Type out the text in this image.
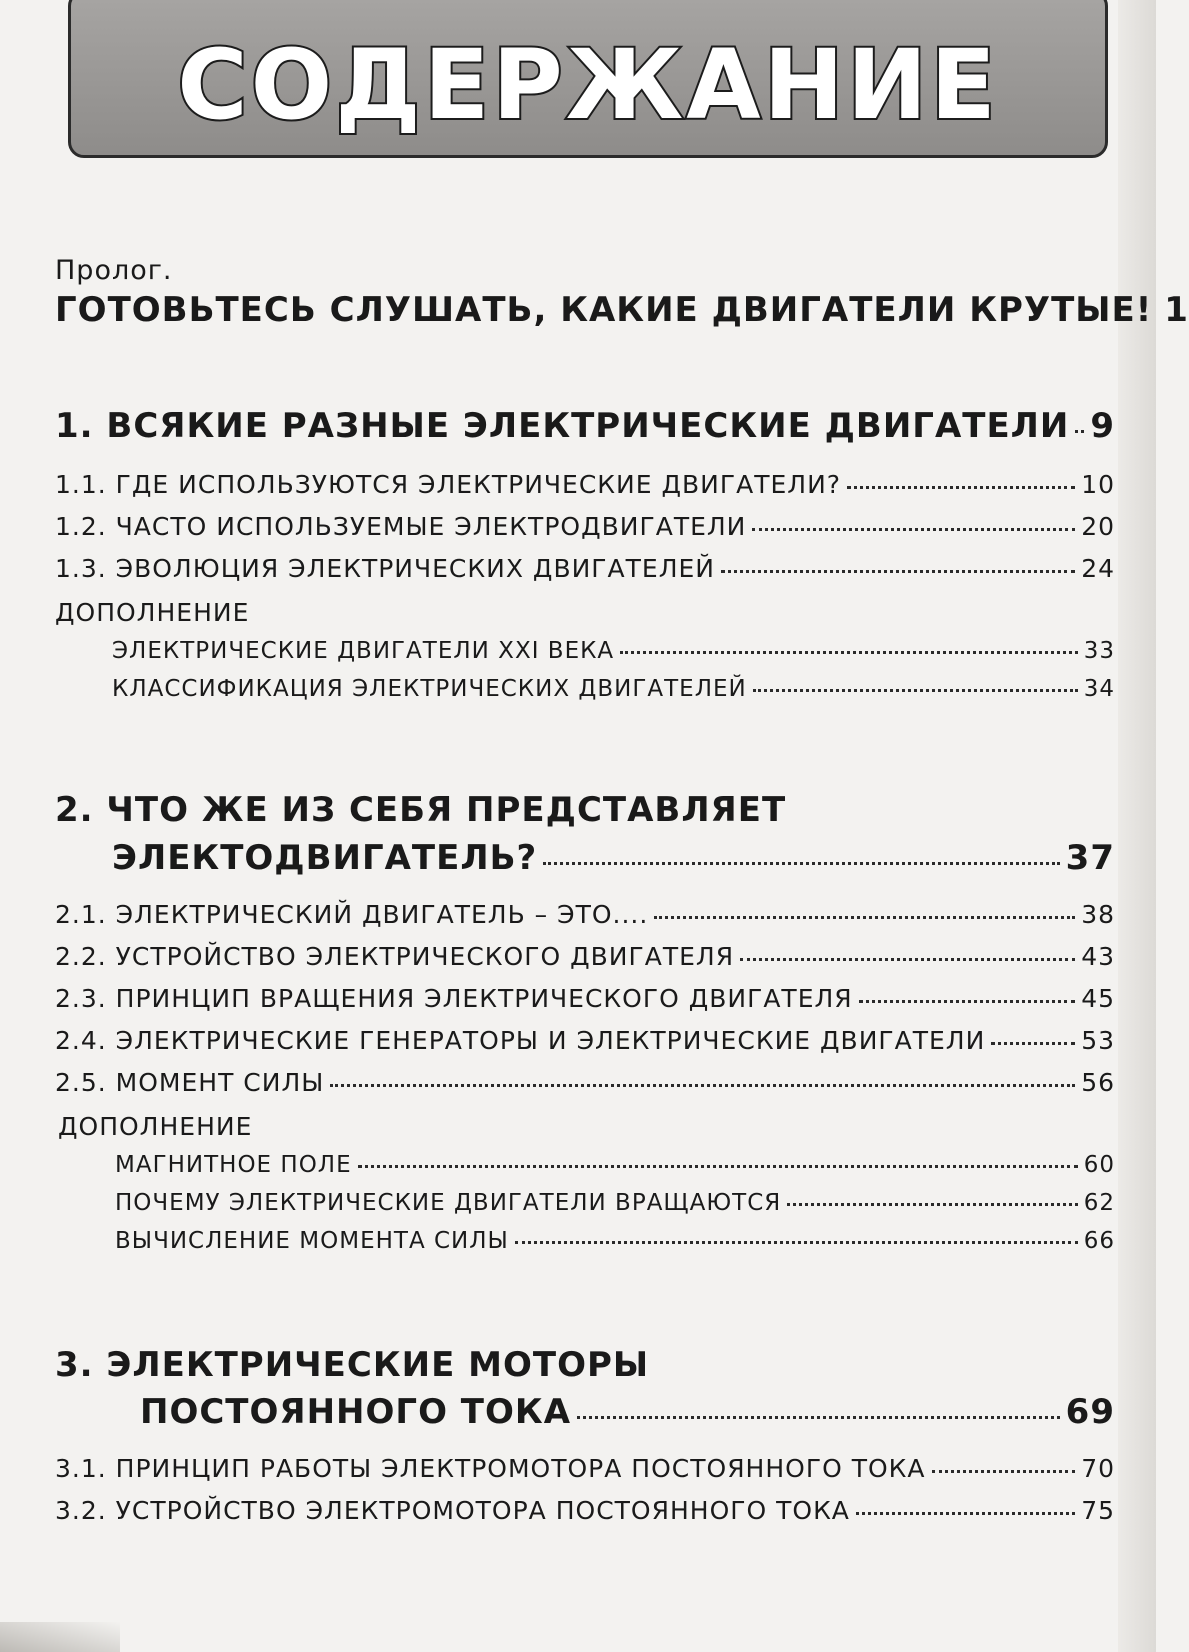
СОДЕРЖАНИЕ
Пролог.
ГОТОВЬТЕСЬ СЛУШАТЬ, КАКИЕ ДВИГАТЕЛИ КРУТЫЕ! 1
1. ВСЯКИЕ РАЗНЫЕ ЭЛЕКТРИЧЕСКИЕ ДВИГАТЕЛИ 9
1.1. ГДЕ ИСПОЛЬЗУЮТСЯ ЭЛЕКТРИЧЕСКИЕ ДВИГАТЕЛИ?	10
1.2. ЧАСТО ИСПОЛЬЗУЕМЫЕ ЭЛЕКТРОДВИГАТЕЛИ	20
1.3. ЭВОЛЮЦИЯ ЭЛЕКТРИЧЕСКИХ ДВИГАТЕЛЕЙ	24
ДОПОЛНЕНИЕ
ЭЛЕКТРИЧЕСКИЕ ДВИГАТЕЛИ XXI ВЕКА	33
КЛАССИФИКАЦИЯ ЭЛЕКТРИЧЕСКИХ ДВИГАТЕЛЕЙ	34
2. ЧТО ЖЕ ИЗ СЕБЯ ПРЕДСТАВЛЯЕТ
ЭЛЕКТОДВИГАТЕЛЬ?	37
2.1. ЭЛЕКТРИЧЕСКИЙ ДВИГАТЕЛЬ – ЭТО....	38
2.2. УСТРОЙСТВО ЭЛЕКТРИЧЕСКОГО ДВИГАТЕЛЯ	43
2.3. ПРИНЦИП ВРАЩЕНИЯ ЭЛЕКТРИЧЕСКОГО ДВИГАТЕЛЯ	45
2.4. ЭЛЕКТРИЧЕСКИЕ ГЕНЕРАТОРЫ И ЭЛЕКТРИЧЕСКИЕ ДВИГАТЕЛИ	53
2.5. МОМЕНТ СИЛЫ	56
ДОПОЛНЕНИЕ
МАГНИТНОЕ ПОЛЕ	60
ПОЧЕМУ ЭЛЕКТРИЧЕСКИЕ ДВИГАТЕЛИ ВРАЩАЮТСЯ	62
ВЫЧИСЛЕНИЕ МОМЕНТА СИЛЫ	66
3. ЭЛЕКТРИЧЕСКИЕ МОТОРЫ
ПОСТОЯННОГО ТОКА	69
3.1. ПРИНЦИП РАБОТЫ ЭЛЕКТРОМОТОРА ПОСТОЯННОГО ТОКА	70
3.2. УСТРОЙСТВО ЭЛЕКТРОМОТОРА ПОСТОЯННОГО ТОКА	75
